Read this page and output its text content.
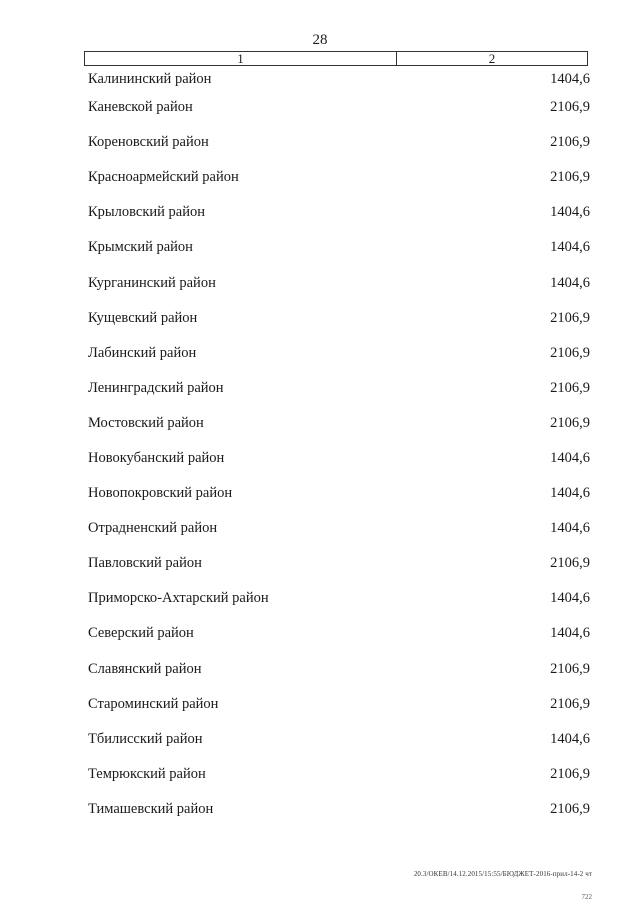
28
1	2
Калининский район	1404,6
Каневской район	2106,9
Кореновский район	2106,9
Красноармейский район	2106,9
Крыловский район	1404,6
Крымский район	1404,6
Курганинский район	1404,6
Кущевский район	2106,9
Лабинский район	2106,9
Ленинградский район	2106,9
Мостовский район	2106,9
Новокубанский район	1404,6
Новопокровский район	1404,6
Отрадненский район	1404,6
Павловский район	2106,9
Приморско-Ахтарский район	1404,6
Северский район	1404,6
Славянский район	2106,9
Староминский район	2106,9
Тбилисский район	1404,6
Темрюкский район	2106,9
Тимашевский район	2106,9
20.3/ОКЕВ/14.12.2015/15:55/БЮДЖЕТ-2016-прил-14-2 чт
722
